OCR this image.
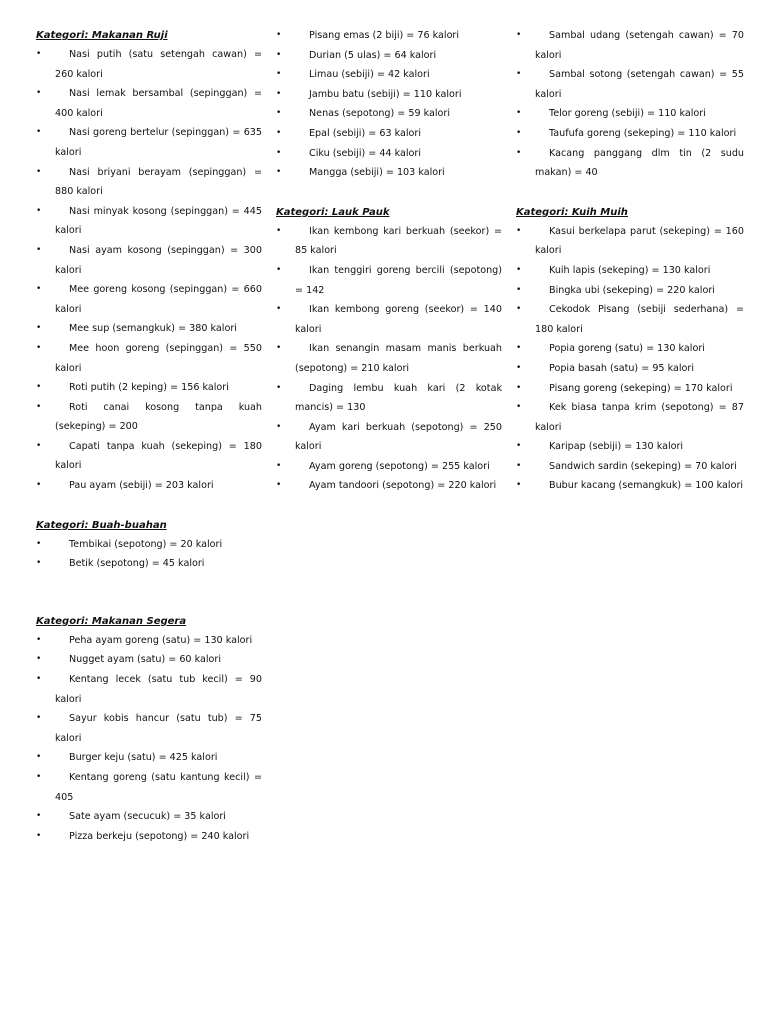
Kategori: Makanan Ruji
•	Nasi putih (satu setengah cawan) = 260 kalori
•	Nasi lemak bersambal (sepinggan) = 400 kalori
•	Nasi goreng bertelur (sepinggan) = 635 kalori
•	Nasi briyani berayam (sepinggan) = 880 kalori
•	Nasi minyak kosong (sepinggan) = 445 kalori
•	Nasi ayam kosong (sepinggan) = 300 kalori
•	Mee goreng kosong (sepinggan) = 660 kalori
•	Mee sup (semangkuk) = 380 kalori
•	Mee hoon goreng (sepinggan) = 550 kalori
•	Roti putih (2 keping) = 156 kalori
•	Roti canai kosong tanpa kuah (sekeping) = 200
•	Capati tanpa kuah (sekeping) = 180 kalori
•	Pau ayam (sebiji) = 203 kalori
Kategori: Buah-buahan
•	Tembikai (sepotong) = 20 kalori
•	Betik (sepotong) = 45 kalori
Kategori: Makanan Segera
•	Peha ayam goreng (satu) = 130 kalori
•	Nugget ayam (satu) = 60 kalori
•	Kentang lecek (satu tub kecil) = 90 kalori
•	Sayur kobis hancur (satu tub) = 75 kalori
•	Burger keju (satu) = 425 kalori
•	Kentang goreng (satu kantung kecil) = 405
•	Sate ayam (secucuk) = 35 kalori
•	Pizza berkeju (sepotong) = 240 kalori
•	Pisang emas (2 biji) = 76 kalori
•	Durian (5 ulas) = 64 kalori
•	Limau (sebiji) = 42 kalori
•	Jambu batu (sebiji) = 110 kalori
•	Nenas (sepotong) = 59 kalori
•	Epal (sebiji) = 63 kalori
•	Ciku (sebiji) = 44 kalori
•	Mangga (sebiji) = 103 kalori
Kategori: Lauk Pauk
•	Ikan kembong kari berkuah (seekor) = 85 kalori
•	Ikan tenggiri goreng bercili (sepotong) = 142
•	Ikan kembong goreng (seekor) = 140 kalori
•	Ikan senangin masam manis berkuah (sepotong) = 210 kalori
•	Daging lembu kuah kari (2 kotak mancis) = 130
•	Ayam kari berkuah (sepotong) = 250 kalori
•	Ayam goreng (sepotong) = 255 kalori
•	Ayam tandoori (sepotong) = 220 kalori
•	Sambal udang (setengah cawan) = 70 kalori
•	Sambal sotong (setengah cawan) = 55 kalori
•	Telor goreng (sebiji) = 110 kalori
•	Taufufa goreng (sekeping) = 110 kalori
•	Kacang panggang dlm tin (2 sudu makan) = 40
Kategori: Kuih Muih
•	Kasui berkelapa parut (sekeping) = 160 kalori
•	Kuih lapis (sekeping) = 130 kalori
•	Bingka ubi (sekeping) = 220 kalori
•	Cekodok Pisang (sebiji sederhana) = 180 kalori
•	Popia goreng (satu) = 130 kalori
•	Popia basah (satu) = 95 kalori
•	Pisang goreng (sekeping) = 170 kalori
•	Kek biasa tanpa krim (sepotong) = 87 kalori
•	Karipap (sebiji) = 130 kalori
•	Sandwich sardin (sekeping) = 70 kalori
•	Bubur kacang (semangkuk) = 100 kalori
